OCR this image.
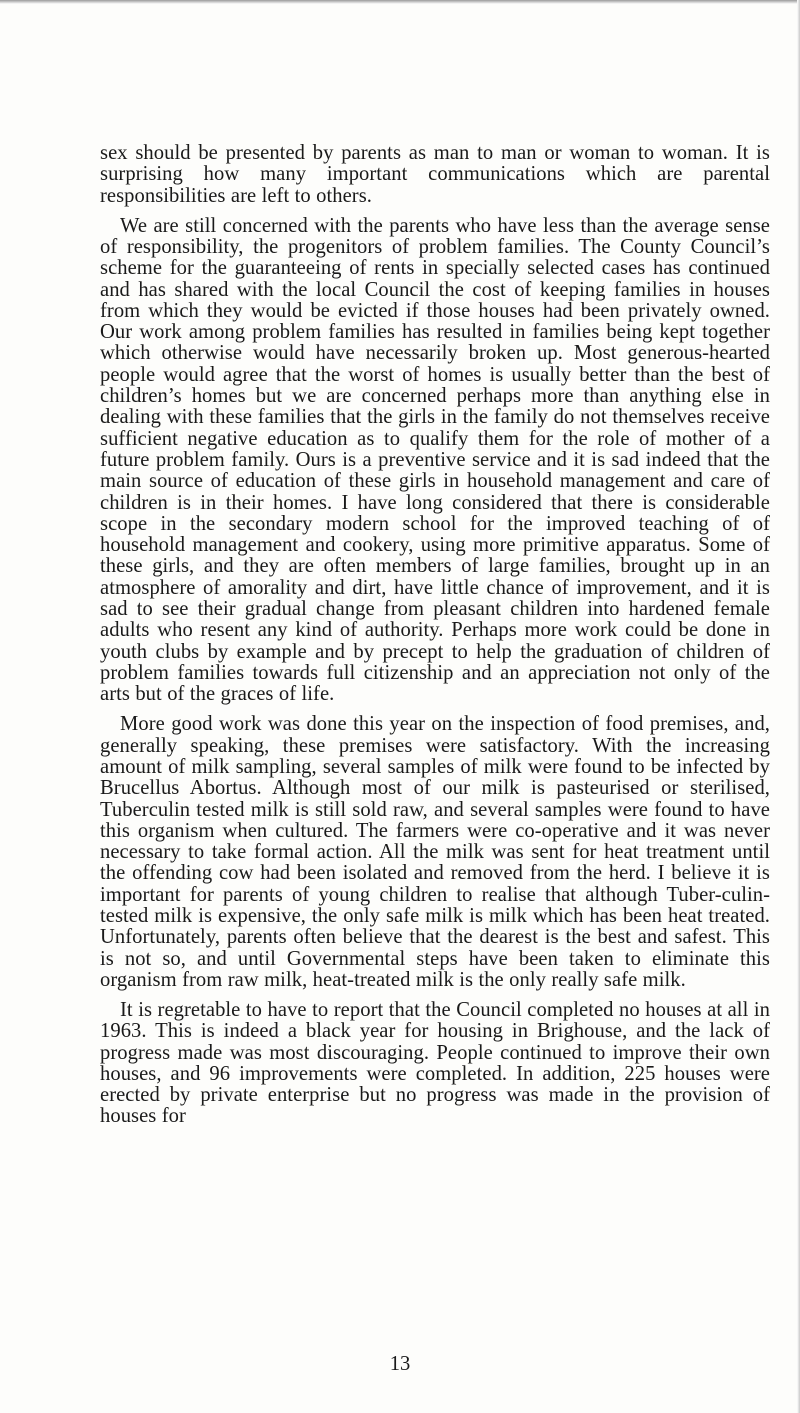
sex should be presented by parents as man to man or woman to woman. It is surprising how many important communications which are parental responsibilities are left to others.

We are still concerned with the parents who have less than the average sense of responsibility, the progenitors of problem families. The County Council’s scheme for the guaranteeing of rents in specially selected cases has continued and has shared with the local Council the cost of keeping families in houses from which they would be evicted if those houses had been privately owned. Our work among problem families has resulted in families being kept together which otherwise would have necessarily broken up. Most generous-hearted people would agree that the worst of homes is usually better than the best of children’s homes but we are concerned perhaps more than anything else in dealing with these families that the girls in the family do not themselves receive sufficient negative education as to qualify them for the role of mother of a future problem family. Ours is a preventive service and it is sad indeed that the main source of education of these girls in household management and care of children is in their homes. I have long considered that there is considerable scope in the secondary modern school for the improved teaching of of household management and cookery, using more primitive apparatus. Some of these girls, and they are often members of large families, brought up in an atmosphere of amorality and dirt, have little chance of improvement, and it is sad to see their gradual change from pleasant children into hardened female adults who resent any kind of authority. Perhaps more work could be done in youth clubs by example and by precept to help the graduation of children of problem families towards full citizenship and an appreciation not only of the arts but of the graces of life.

More good work was done this year on the inspection of food premises, and, generally speaking, these premises were satisfactory. With the increasing amount of milk sampling, several samples of milk were found to be infected by Brucellus Abortus. Although most of our milk is pasteurised or sterilised, Tuberculin tested milk is still sold raw, and several samples were found to have this organism when cultured. The farmers were co-operative and it was never necessary to take formal action. All the milk was sent for heat treatment until the offending cow had been isolated and removed from the herd. I believe it is important for parents of young children to realise that although Tuber-culin-tested milk is expensive, the only safe milk is milk which has been heat treated. Unfortunately, parents often believe that the dearest is the best and safest. This is not so, and until Governmental steps have been taken to eliminate this organism from raw milk, heat-treated milk is the only really safe milk.

It is regretable to have to report that the Council completed no houses at all in 1963. This is indeed a black year for housing in Brighouse, and the lack of progress made was most discouraging. People continued to improve their own houses, and 96 improvements were completed. In addition, 225 houses were erected by private enterprise but no progress was made in the provision of houses for

13
